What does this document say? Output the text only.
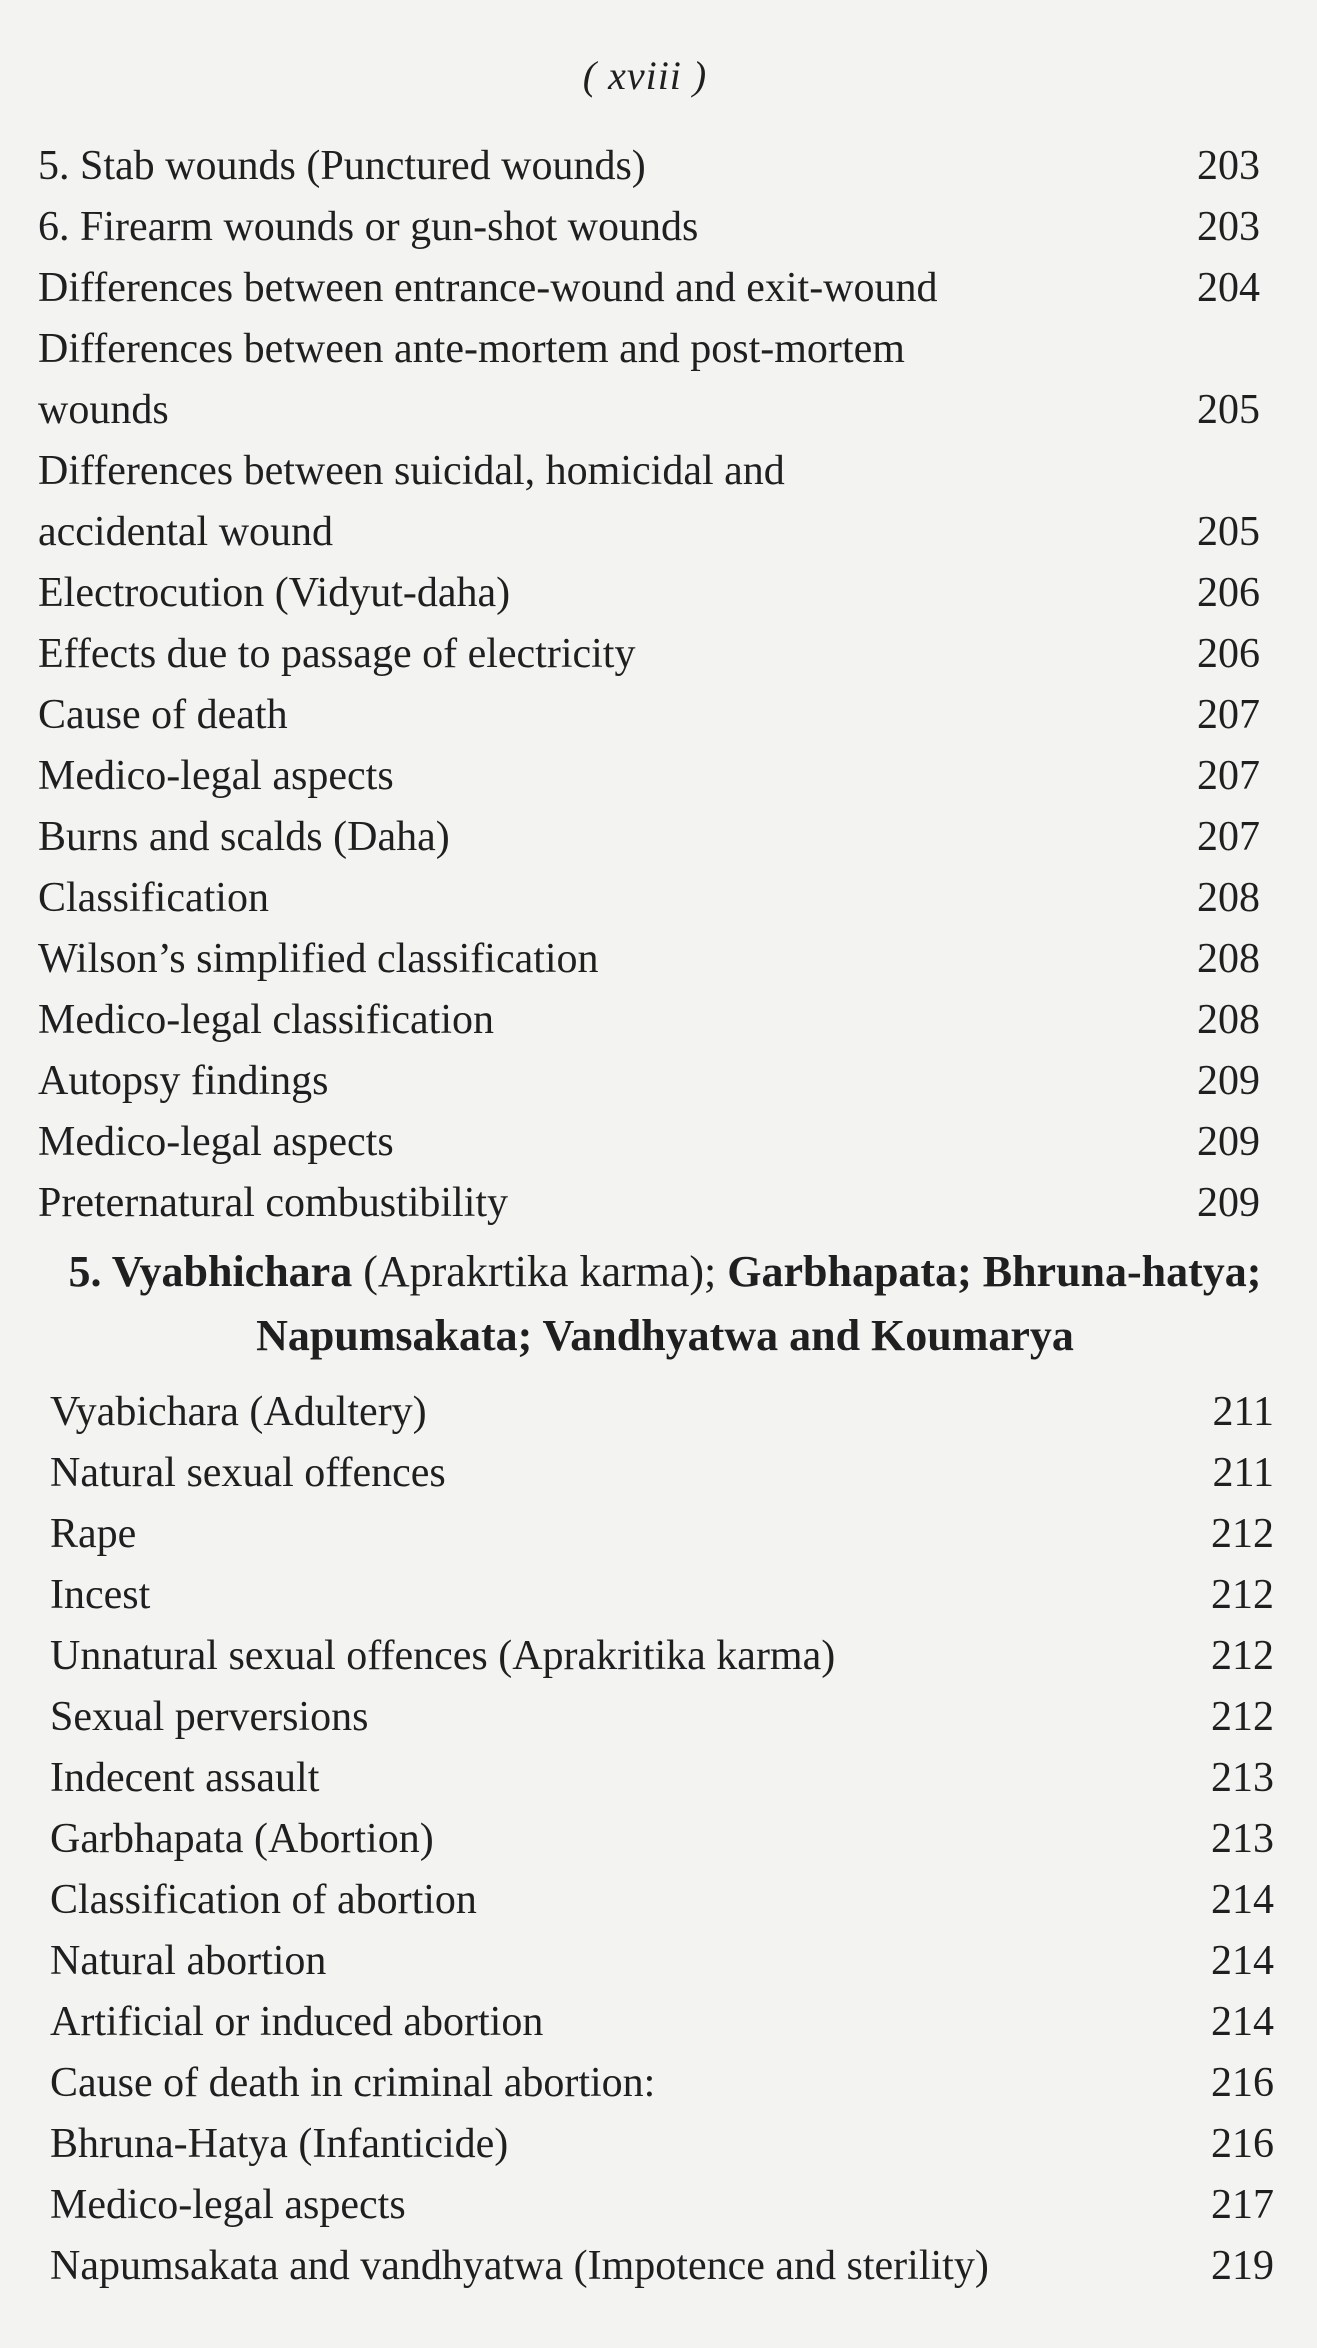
( xviii )
5. Stab wounds (Punctured wounds)	203
6. Firearm wounds or gun-shot wounds	203
Differences between entrance-wound and exit-wound	204
Differences between ante-mortem and post-mortem
wounds	205
Differences between suicidal, homicidal and
accidental wound	205
Electrocution (Vidyut-daha)	206
Effects due to passage of electricity	206
Cause of death	207
Medico-legal aspects	207
Burns and scalds (Daha)	207
Classification	208
Wilson’s simplified classification	208
Medico-legal classification	208
Autopsy findings	209
Medico-legal aspects	209
Preternatural combustibility	209
5. Vyabhichara (Aprakrtika karma); Garbhapata; Bhruna-hatya; Napumsakata; Vandhyatwa and Koumarya
Vyabichara (Adultery)	211
Natural sexual offences	211
Rape	212
Incest	212
Unnatural sexual offences (Aprakritika karma)	212
Sexual perversions	212
Indecent assault	213
Garbhapata (Abortion)	213
Classification of abortion	214
Natural abortion	214
Artificial or induced abortion	214
Cause of death in criminal abortion:	216
Bhruna-Hatya (Infanticide)	216
Medico-legal aspects	217
Napumsakata and vandhyatwa (Impotence and sterility)	219
